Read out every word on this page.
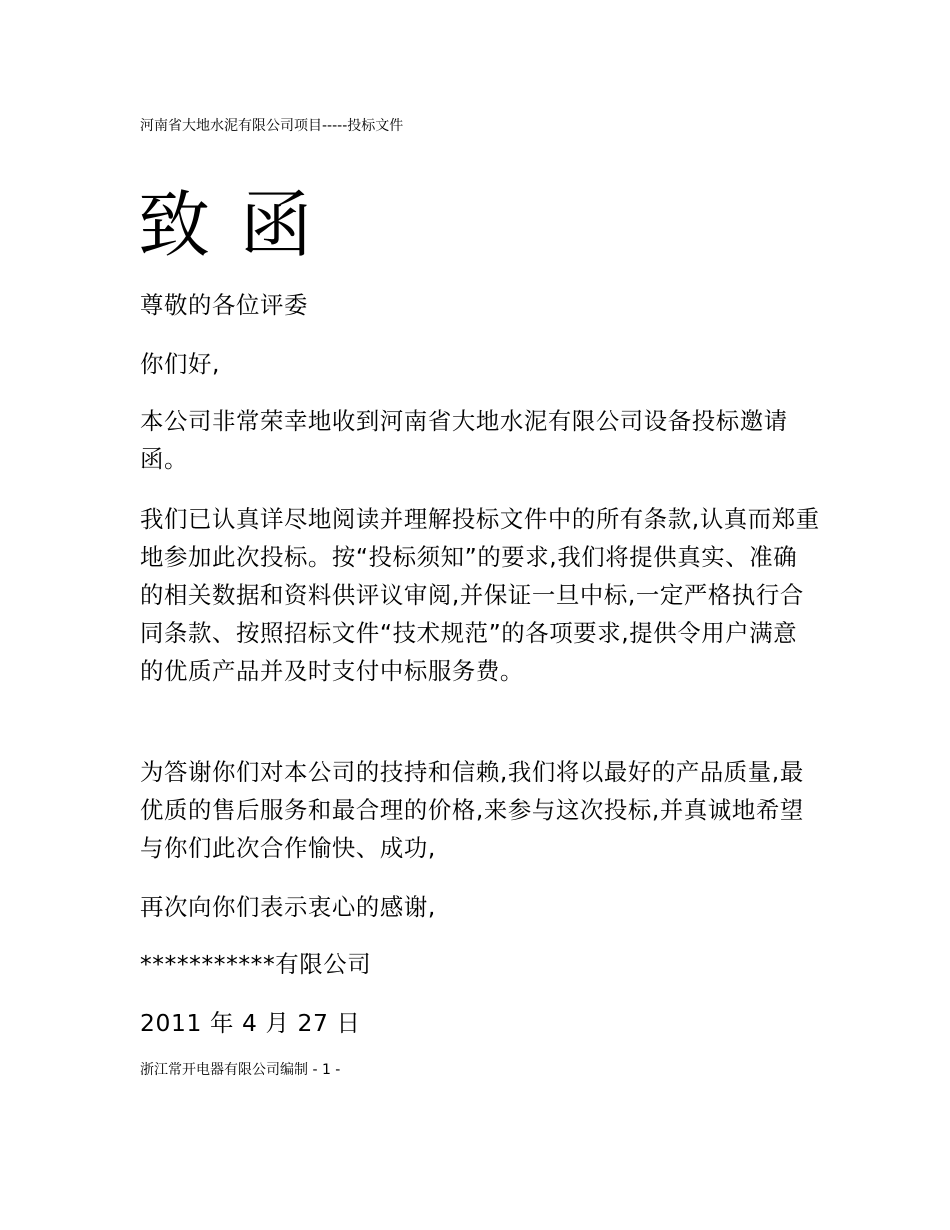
河南省大地水泥有限公司项目-----投标文件
致函

尊敬的各位评委

你们好,

本公司非常荣幸地收到河南省大地水泥有限公司设备投标邀请函。

我们已认真详尽地阅读并理解投标文件中的所有条款,认真而郑重地参加此次投标。按“投标须知”的要求,我们将提供真实、准确的相关数据和资料供评议审阅,并保证一旦中标,一定严格执行合同条款、按照招标文件“技术规范”的各项要求,提供令用户满意的优质产品并及时支付中标服务费。

为答谢你们对本公司的技持和信赖,我们将以最好的产品质量,最优质的售后服务和最合理的价格,来参与这次投标,并真诚地希望与你们此次合作愉快、成功,

再次向你们表示衷心的感谢,

***********有限公司

2011 年 4 月 27 日

浙江常开电器有限公司编制 - 1 -
